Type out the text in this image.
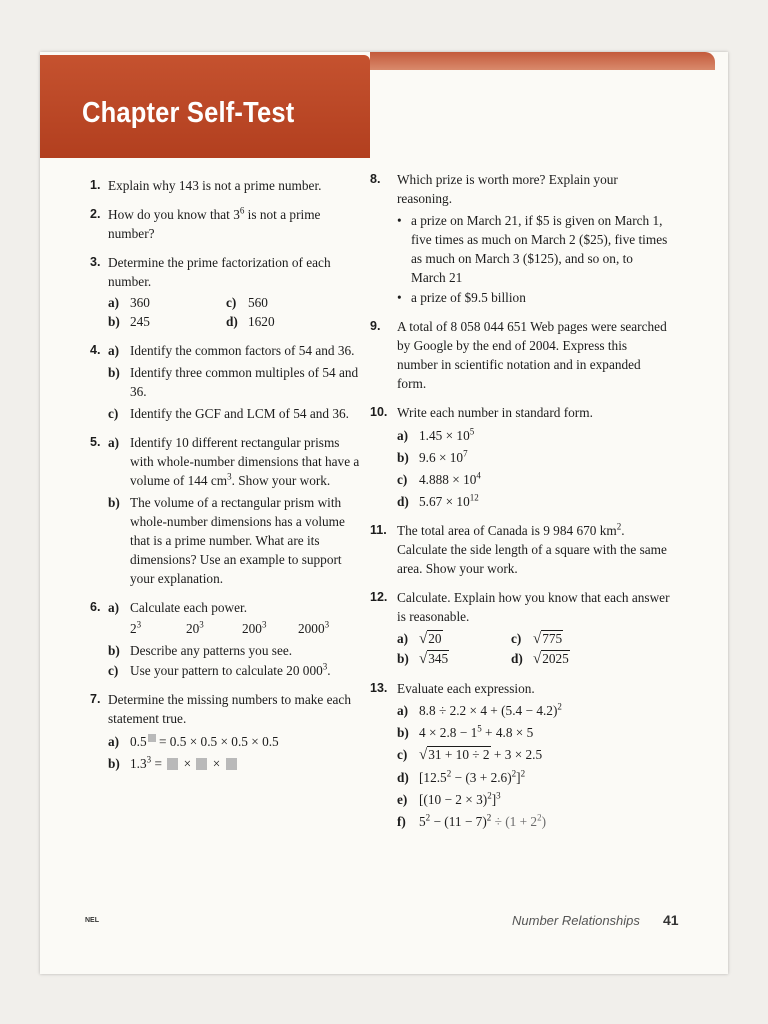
Chapter Self-Test
1. Explain why 143 is not a prime number.
2. How do you know that $3^6$ is not a prime number?
3. Determine the prime factorization of each number.
a) 360	c) 560
b) 245	d) 1620
4. a) Identify the common factors of 54 and 36.
b) Identify three common multiples of 54 and 36.
c) Identify the GCF and LCM of 54 and 36.
5. a) Identify 10 different rectangular prisms with whole-number dimensions that have a volume of 144 $cm^3$. Show your work.
b) The volume of a rectangular prism with whole-number dimensions has a volume that is a prime number. What are its dimensions? Use an example to support your explanation.
6. a) Calculate each power.
$2^3$	$20^3$	$200^3$	2000$^3$
b) Describe any patterns you see.
c) Use your pattern to calculate 20 $000^3$.
7. Determine the missing numbers to make each statement true.
a) 0.5 = 0.5 × 0.5 × 0.5 × 0.5
b) $1.3^3$ =  ×  ×
8. Which prize is worth more? Explain your reasoning.
• a prize on March 21, if $5 is given on March 1, five times as much on March 2 ($25), five times as much on March 3 ($125), and so on, to March 21
• a prize of $9.5 billion
9. A total of 8 058 044 651 Web pages were searched by Google by the end of 2004. Express this number in scientific notation and in expanded form.
10. Write each number in standard form.
a) $1.45 \times 10^5$
b) $9.6 \times 10^7$
c) $4.888 \times 10^4$
d) $5.67 \times 10^{12}$
11. The total area of Canada is 9 984 670 $km^2$. Calculate the side length of a square with the same area. Show your work.
12. Calculate. Explain how you know that each answer is reasonable.
a) √20	c) √775
b) √345	d) √2025
13. Evaluate each expression.
a) $8.8 \div 2.2 \times 4 + (5.4 - 4.2)^2$
b) $4 \times 2.8 - 1^5 + 4.8 \times 5$
c) √31 + 10 ÷ 2 + 3 × 2.5
d) $[12.5^2 - (3 + 2.6)^2]^2$
e) $[(10 - 2 \times 3)^2]^3$
f) $5^2 - (11 - 7)^2 \div (1 + 2^2)$
NEL	Number Relationships 41
